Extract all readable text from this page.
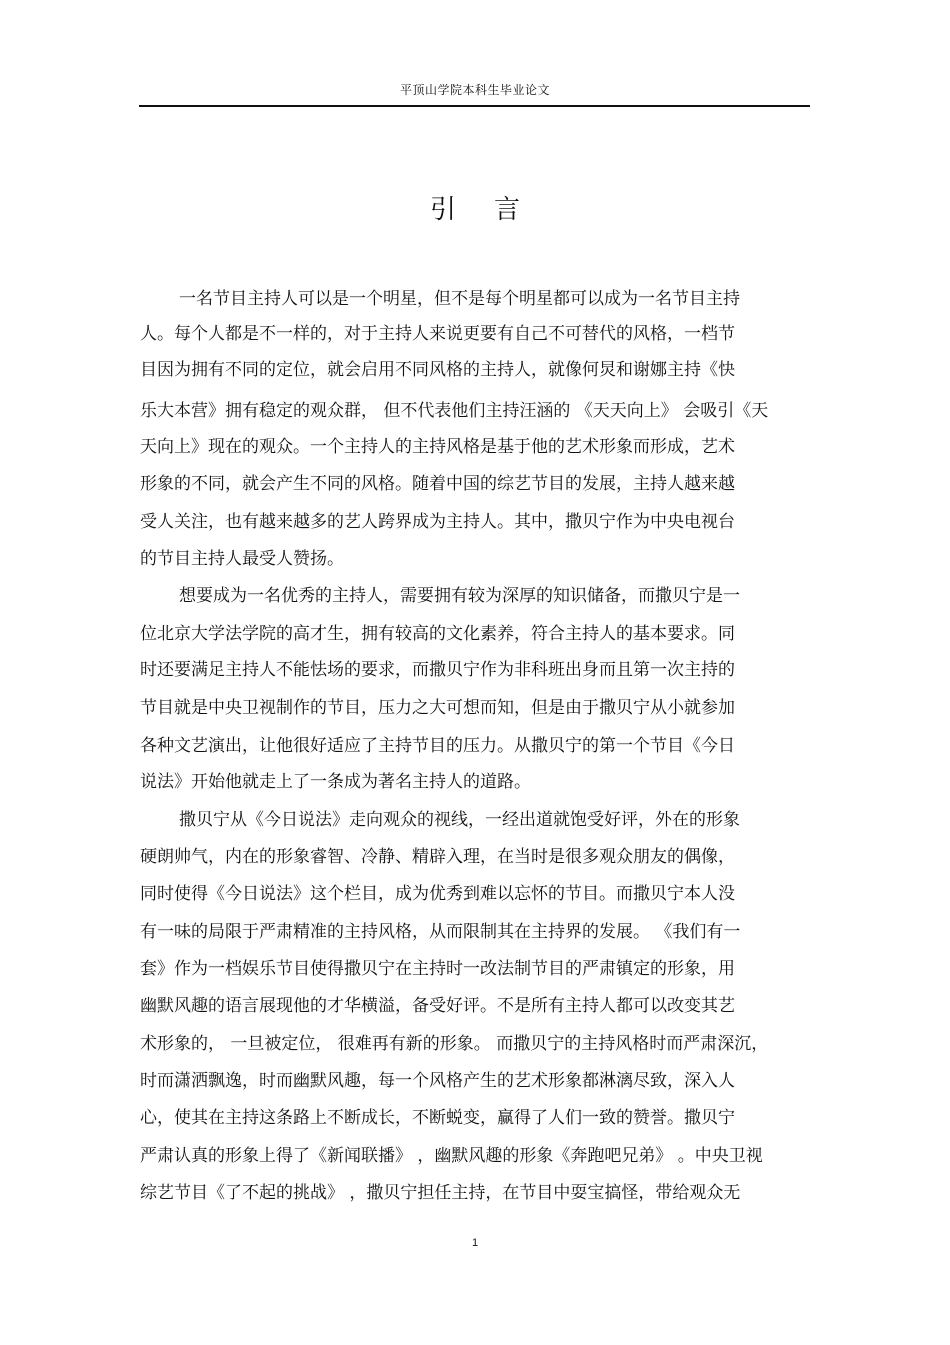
平顶山学院本科生毕业论文
引言
一名节目主持人可以是一个明星，但不是每个明星都可以成为一名节目主持
人。每个人都是不一样的，对于主持人来说更要有自己不可替代的风格，一档节
目因为拥有不同的定位，就会启用不同风格的主持人，就像何炅和谢娜主持《快
乐大本营》拥有稳定的观众群， 但不代表他们主持汪涵的 《天天向上》 会吸引《天
天向上》现在的观众。一个主持人的主持风格是基于他的艺术形象而形成，艺术
形象的不同，就会产生不同的风格。随着中国的综艺节目的发展，主持人越来越
受人关注，也有越来越多的艺人跨界成为主持人。其中，撒贝宁作为中央电视台
的节目主持人最受人赞扬。
想要成为一名优秀的主持人，需要拥有较为深厚的知识储备，而撒贝宁是一
位北京大学法学院的高才生，拥有较高的文化素养，符合主持人的基本要求。同
时还要满足主持人不能怯场的要求，而撒贝宁作为非科班出身而且第一次主持的
节目就是中央卫视制作的节目，压力之大可想而知，但是由于撒贝宁从小就参加
各种文艺演出，让他很好适应了主持节目的压力。从撒贝宁的第一个节目《今日
说法》开始他就走上了一条成为著名主持人的道路。
撒贝宁从《今日说法》走向观众的视线，一经出道就饱受好评，外在的形象
硬朗帅气，内在的形象睿智、冷静、精辟入理，在当时是很多观众朋友的偶像，
同时使得《今日说法》这个栏目，成为优秀到难以忘怀的节目。而撒贝宁本人没
有一味的局限于严肃精准的主持风格，从而限制其在主持界的发展。 《我们有一
套》作为一档娱乐节目使得撒贝宁在主持时一改法制节目的严肃镇定的形象，用
幽默风趣的语言展现他的才华横溢，备受好评。不是所有主持人都可以改变其艺
术形象的， 一旦被定位， 很难再有新的形象。 而撒贝宁的主持风格时而严肃深沉，
时而潇洒飘逸，时而幽默风趣，每一个风格产生的艺术形象都淋漓尽致，深入人
心，使其在主持这条路上不断成长，不断蜕变，赢得了人们一致的赞誉。撒贝宁
严肃认真的形象上得了《新闻联播》 ，幽默风趣的形象《奔跑吧兄弟》 。中央卫视
综艺节目《了不起的挑战》 ，撒贝宁担任主持，在节目中耍宝搞怪，带给观众无
1
